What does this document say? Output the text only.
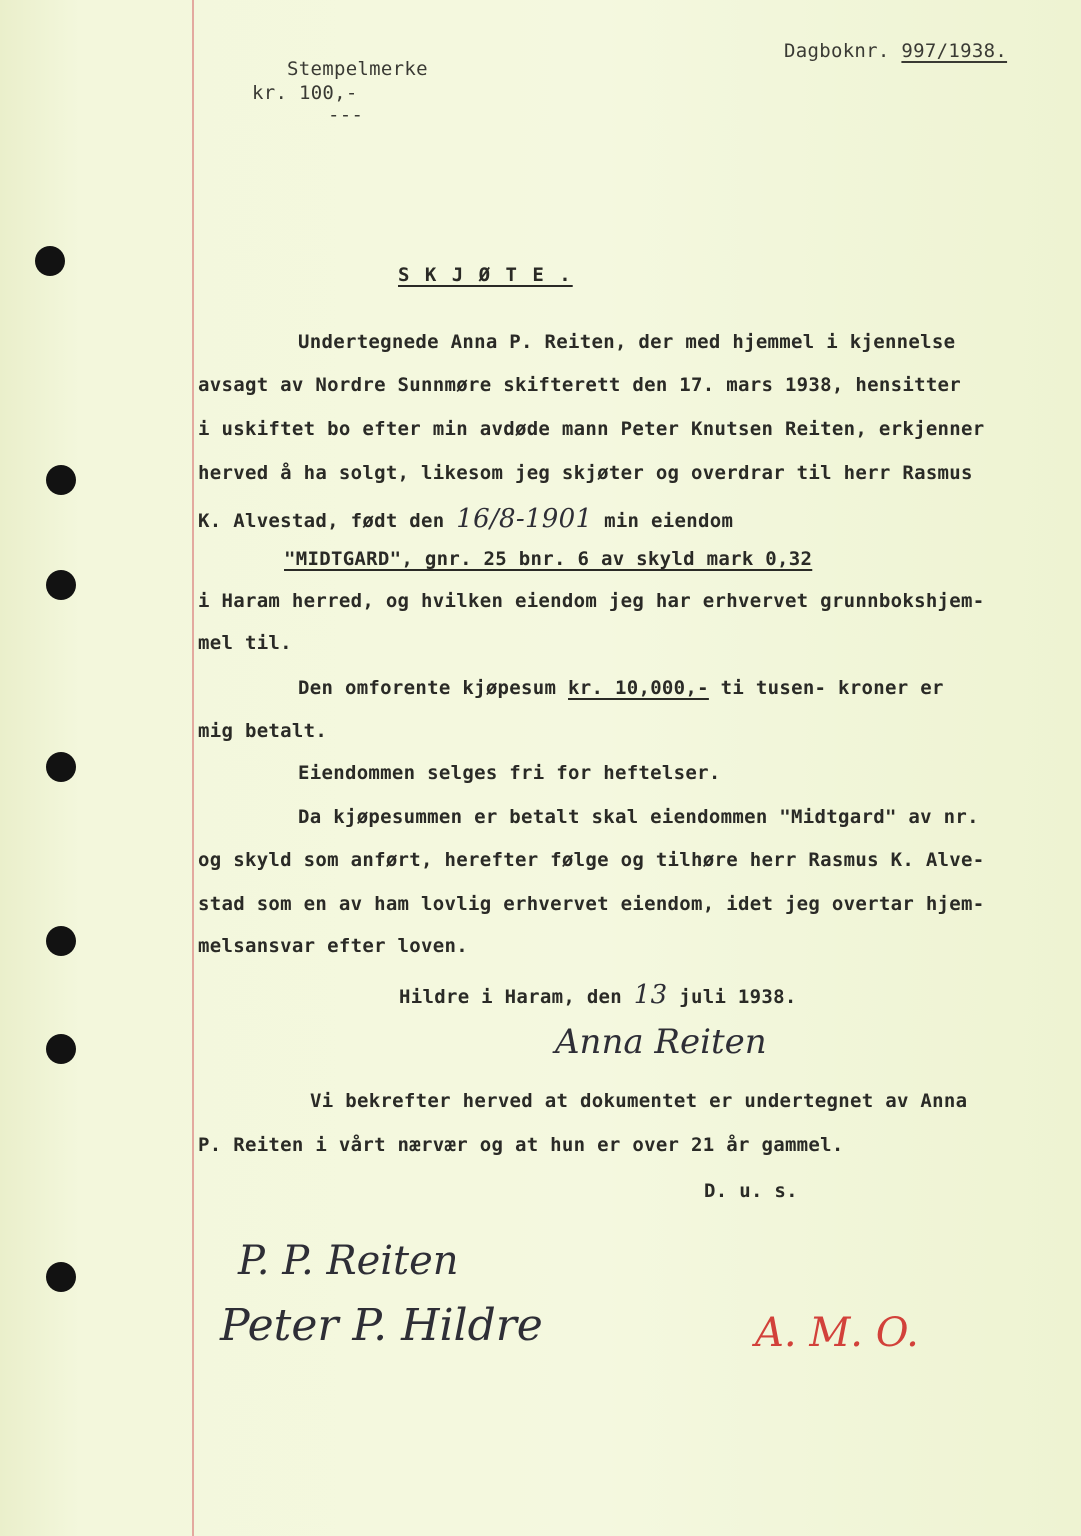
Stempelmerke
kr. 100,-
---
Dagboknr. 997/1938.
S K J Ø T E .
Undertegnede Anna P. Reiten, der med hjemmel i kjennelse
avsagt av Nordre Sunnmøre skifterett den 17. mars 1938, hensitter
i uskiftet bo efter min avdøde mann Peter Knutsen Reiten, erkjenner
herved å ha solgt, likesom jeg skjøter og overdrar til herr Rasmus
K. Alvestad, født den 16/8-1901 min eiendom
"MIDTGARD", gnr. 25 bnr. 6 av skyld mark 0,32
i Haram herred, og hvilken eiendom jeg har erhvervet grunnbokshjem-
mel til.
Den omforente kjøpesum kr. 10,000,- ti tusen- kroner er
mig betalt.
Eiendommen selges fri for heftelser.
Da kjøpesummen er betalt skal eiendommen "Midtgard" av nr.
og skyld som anført, herefter følge og tilhøre herr Rasmus K. Alve-
stad som en av ham lovlig erhvervet eiendom, idet jeg overtar hjem-
melsansvar efter loven.
Hildre i Haram, den 13 juli 1938.
Anna Reiten
Vi bekrefter herved at dokumentet er undertegnet av Anna
P. Reiten i vårt nærvær og at hun er over 21 år gammel.
D. u. s.
P. P. Reiten
Peter P. Hildre	A. M. O.
